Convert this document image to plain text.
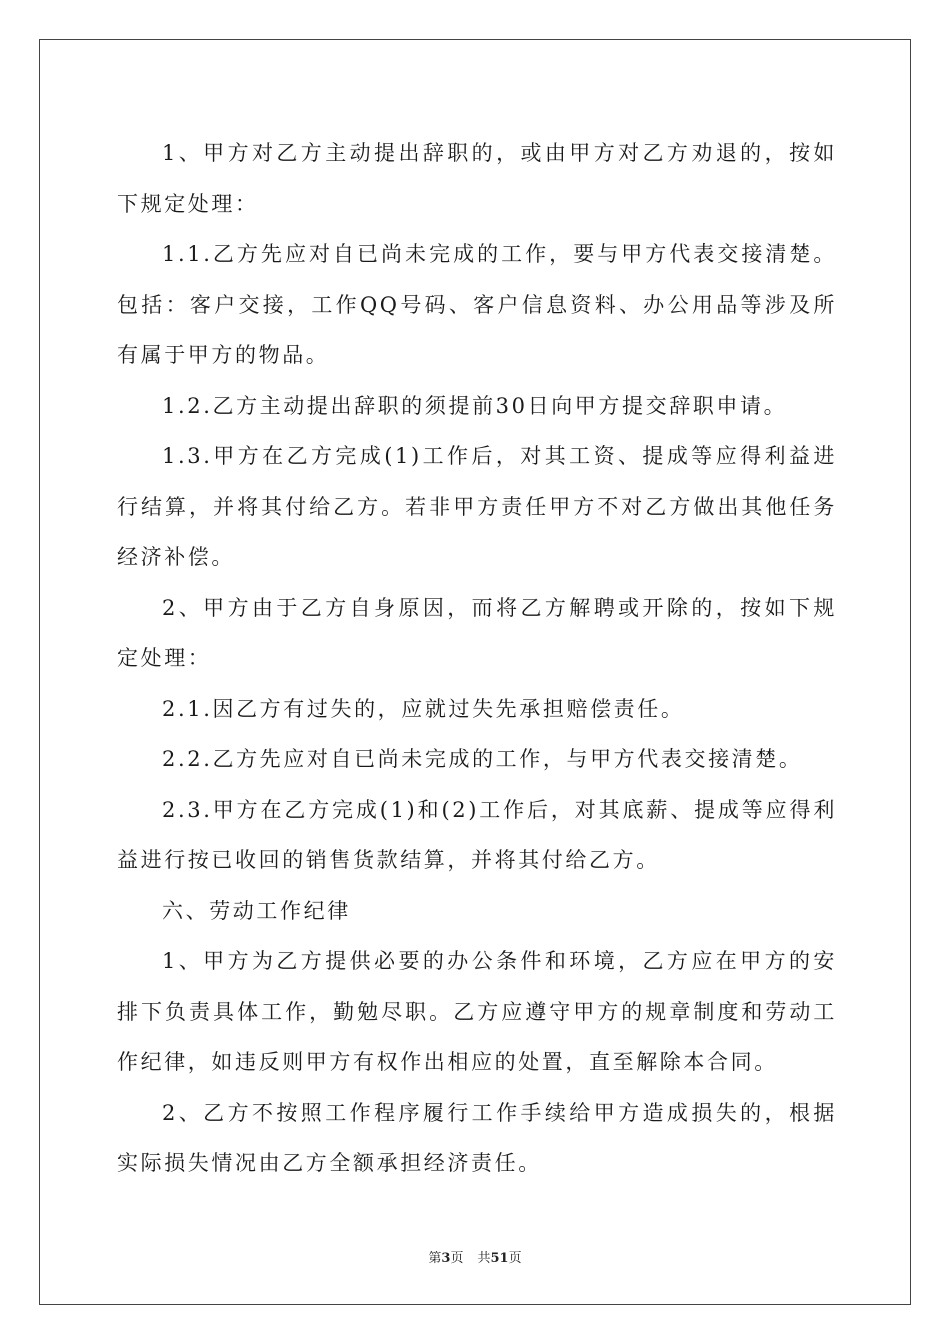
1、甲方对乙方主动提出辞职的，或由甲方对乙方劝退的，按如下规定处理：

1.1.乙方先应对自已尚未完成的工作，要与甲方代表交接清楚。包括：客户交接，工作QQ号码、客户信息资料、办公用品等涉及所有属于甲方的物品。

1.2.乙方主动提出辞职的须提前30日向甲方提交辞职申请。

1.3.甲方在乙方完成(1)工作后，对其工资、提成等应得利益进行结算，并将其付给乙方。若非甲方责任甲方不对乙方做出其他任务经济补偿。

2、甲方由于乙方自身原因，而将乙方解聘或开除的，按如下规定处理：

2.1.因乙方有过失的，应就过失先承担赔偿责任。

2.2.乙方先应对自已尚未完成的工作，与甲方代表交接清楚。

2.3.甲方在乙方完成(1)和(2)工作后，对其底薪、提成等应得利益进行按已收回的销售货款结算，并将其付给乙方。

六、劳动工作纪律

1、甲方为乙方提供必要的办公条件和环境，乙方应在甲方的安排下负责具体工作，勤勉尽职。乙方应遵守甲方的规章制度和劳动工作纪律，如违反则甲方有权作出相应的处置，直至解除本合同。

2、乙方不按照工作程序履行工作手续给甲方造成损失的，根据实际损失情况由乙方全额承担经济责任。

第3页 共51页
